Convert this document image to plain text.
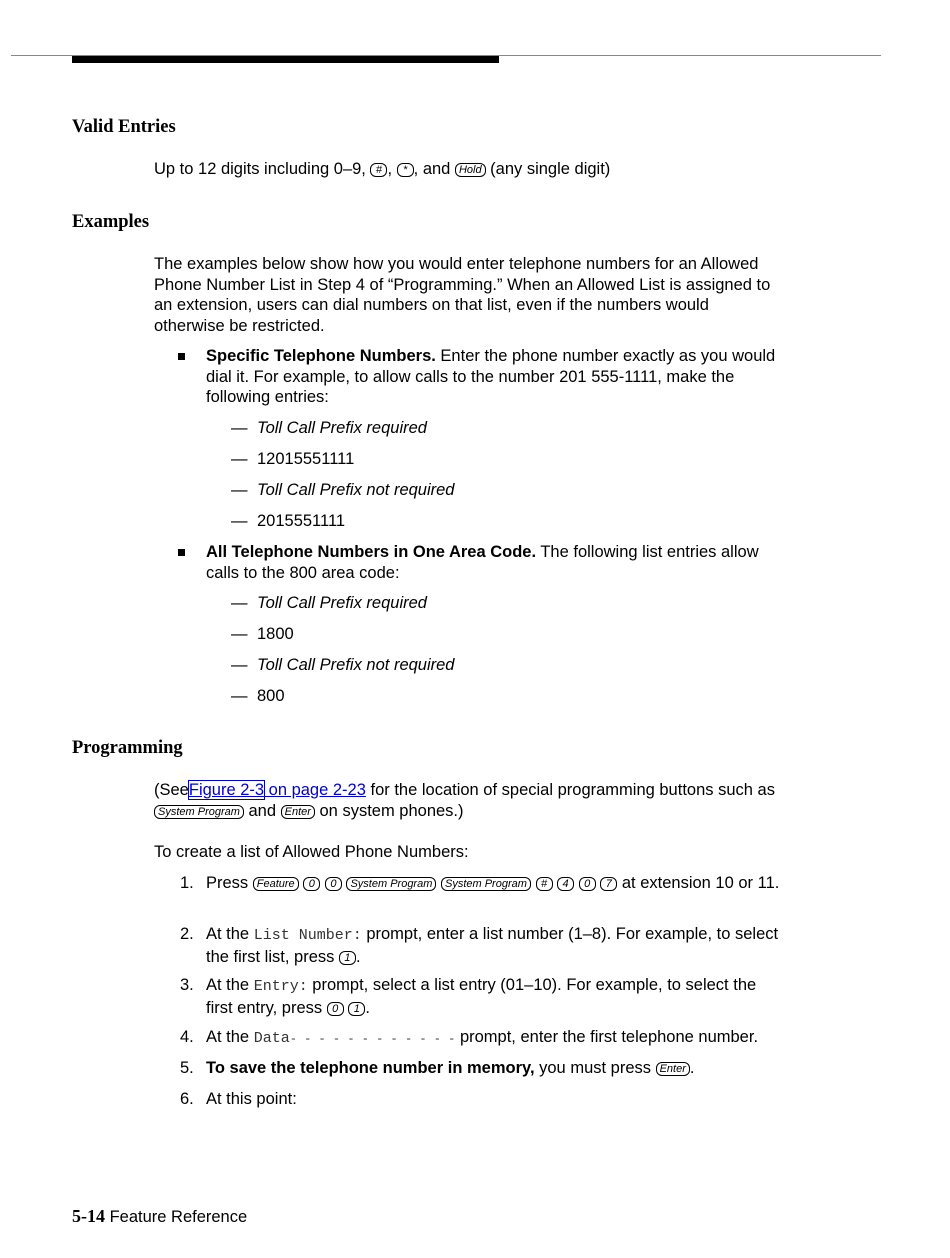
Valid Entries
Up to 12 digits including 0–9, # , * , and Hold (any single digit)
Examples

The examples below show how you would enter telephone numbers for an Allowed Phone Number List in Step 4 of “Programming.” When an Allowed List is assigned to an extension, users can dial numbers on that list, even if the numbers would otherwise be restricted.

Specific Telephone Numbers. Enter the phone number exactly as you would dial it. For example, to allow calls to the number 201 555-1111, make the following entries:
— Toll Call Prefix required
— 12015551111
— Toll Call Prefix not required
— 2015551111
All Telephone Numbers in One Area Code. The following list entries allow calls to the 800 area code:
— Toll Call Prefix required
— 1800
— Toll Call Prefix not required
— 800
Programming
(SeeFigure 2-3 on page 2-23 for the location of special programming buttons such as System Program and Enter on system phones.)
To create a list of Allowed Phone Numbers:
1. Press Feature 0 0 System Program System Program # 4 0 7 at extension 10 or 11.
2. At the List Number: prompt, enter a list number (1–8). For example, to select the first list, press 1 .
3. At the Entry: prompt, select a list entry (01–10). For example, to select the first entry, press 0 1 .
4. At the Data- - - - - - - - - - - - prompt, enter the first telephone number.
5. To save the telephone number in memory, you must press Enter .
6. At this point:
5-14 Feature Reference
